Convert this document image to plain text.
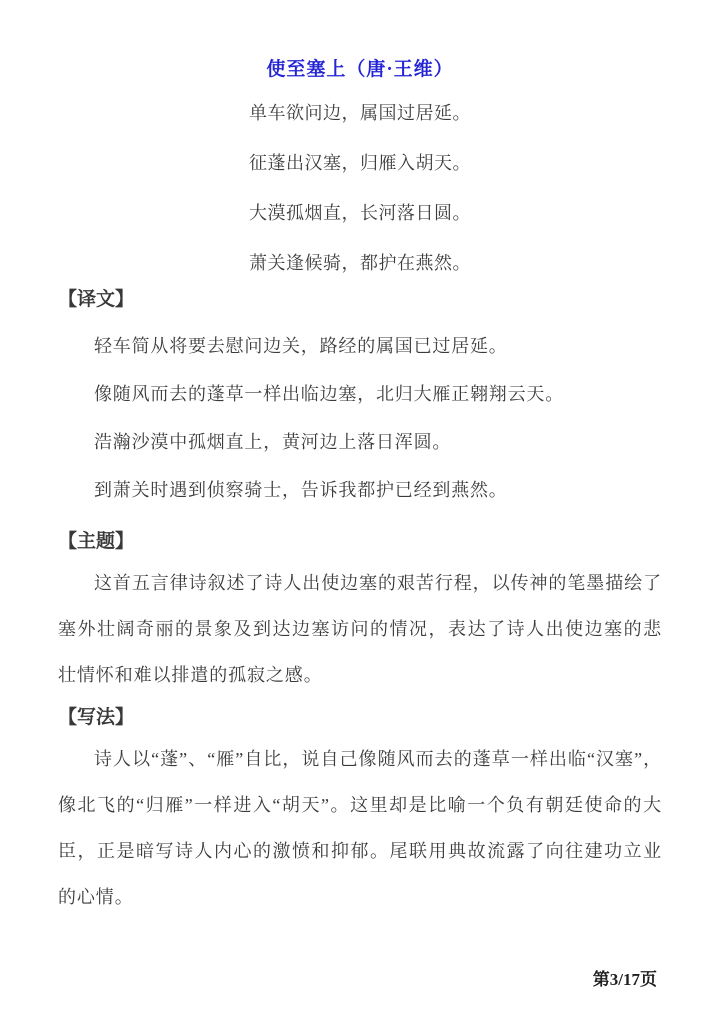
使至塞上（唐·王维）

单车欲问边，属国过居延。

征蓬出汉塞，归雁入胡天。

大漠孤烟直，长河落日圆。

萧关逢候骑，都护在燕然。

【译文】

轻车简从将要去慰问边关，路经的属国已过居延。

像随风而去的蓬草一样出临边塞，北归大雁正翱翔云天。

浩瀚沙漠中孤烟直上，黄河边上落日浑圆。

到萧关时遇到侦察骑士，告诉我都护已经到燕然。

【主题】

这首五言律诗叙述了诗人出使边塞的艰苦行程，以传神的笔墨描绘了塞外壮阔奇丽的景象及到达边塞访问的情况，表达了诗人出使边塞的悲壮情怀和难以排遣的孤寂之感。

【写法】

诗人以“蓬”、“雁”自比，说自己像随风而去的蓬草一样出临“汉塞”，像北飞的“归雁”一样进入“胡天”。这里却是比喻一个负有朝廷使命的大臣，正是暗写诗人内心的激愤和抑郁。尾联用典故流露了向往建功立业的心情。

第3/17页
